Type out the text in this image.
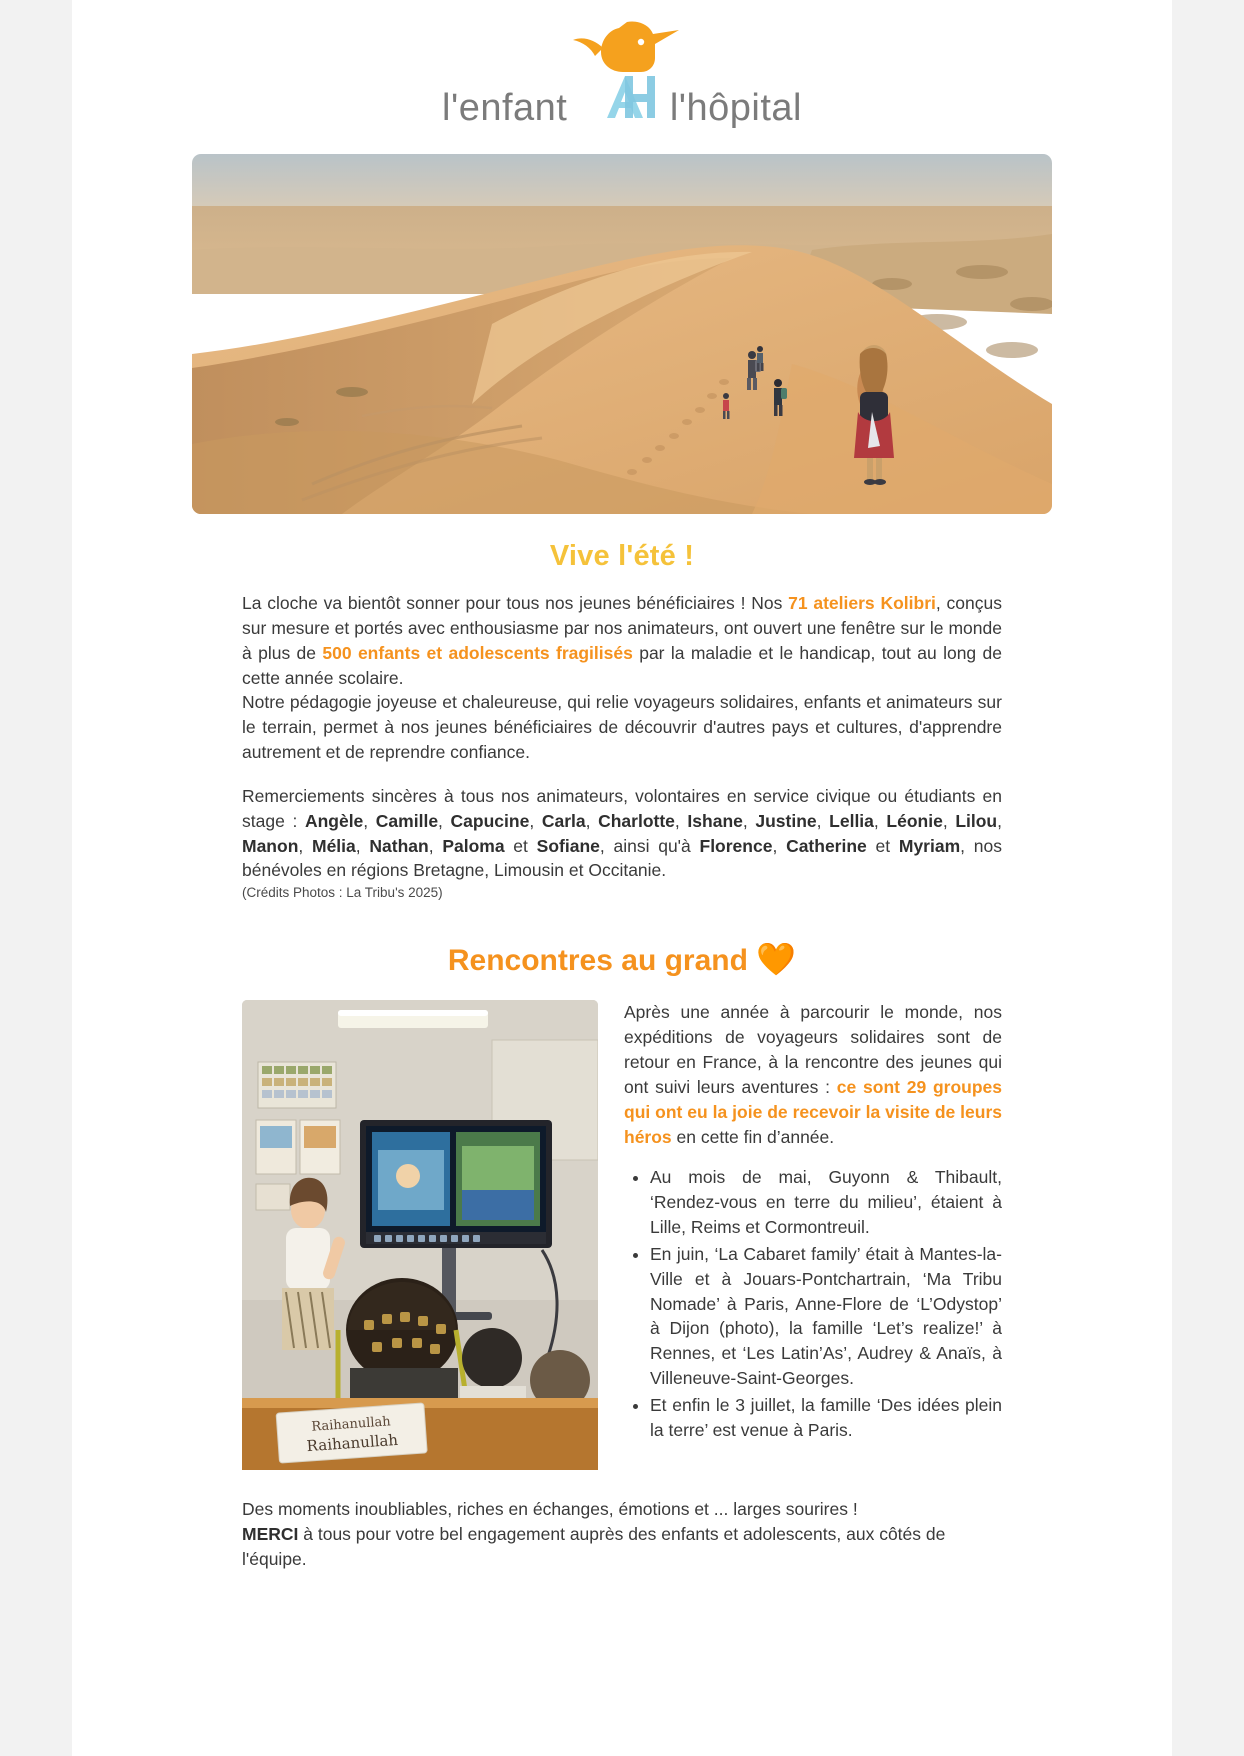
l'enfant	l'hôpital
Vive l'été !

La cloche va bientôt sonner pour tous nos jeunes bénéficiaires ! Nos 71 ateliers Kolibri, conçus sur mesure et portés avec enthousiasme par nos animateurs, ont ouvert une fenêtre sur le monde à plus de 500 enfants et adolescents fragilisés par la maladie et le handicap, tout au long de cette année scolaire.

Notre pédagogie joyeuse et chaleureuse, qui relie voyageurs solidaires, enfants et animateurs sur le terrain, permet à nos jeunes bénéficiaires de découvrir d'autres pays et cultures, d'apprendre autrement et de reprendre confiance.

Remerciements sincères à tous nos animateurs, volontaires en service civique ou étudiants en stage : Angèle, Camille, Capucine, Carla, Charlotte, Ishane, Justine, Lellia, Léonie, Lilou, Manon, Mélia, Nathan, Paloma et Sofiane, ainsi qu'à Florence, Catherine et Myriam, nos bénévoles en régions Bretagne, Limousin et Occitanie.

(Crédits Photos : La Tribu's 2025)
Rencontres au grand 🧡
Raihanullah
Raihanullah

Après une année à parcourir le monde, nos expéditions de voyageurs solidaires sont de retour en France, à la rencontre des jeunes qui ont suivi leurs aventures : ce sont 29 groupes qui ont eu la joie de recevoir la visite de leurs héros en cette fin d’année.

• Au mois de mai, Guyonn & Thibault, ‘Rendez-vous en terre du milieu’, étaient à Lille, Reims et Cormontreuil.
• En juin, ‘La Cabaret family’ était à Mantes-la-Ville et à Jouars-Pontchartrain, ‘Ma Tribu Nomade’ à Paris, Anne-Flore de ‘L’Odystop’ à Dijon (photo), la famille ‘Let’s realize!’ à Rennes, et ‘Les Latin’As’, Audrey & Anaïs, à Villeneuve-Saint-Georges.
• Et enfin le 3 juillet, la famille ‘Des idées plein la terre’ est venue à Paris.

Des moments inoubliables, riches en échanges, émotions et ... larges sourires !

MERCI à tous pour votre bel engagement auprès des enfants et adolescents, aux côtés de l'équipe.
